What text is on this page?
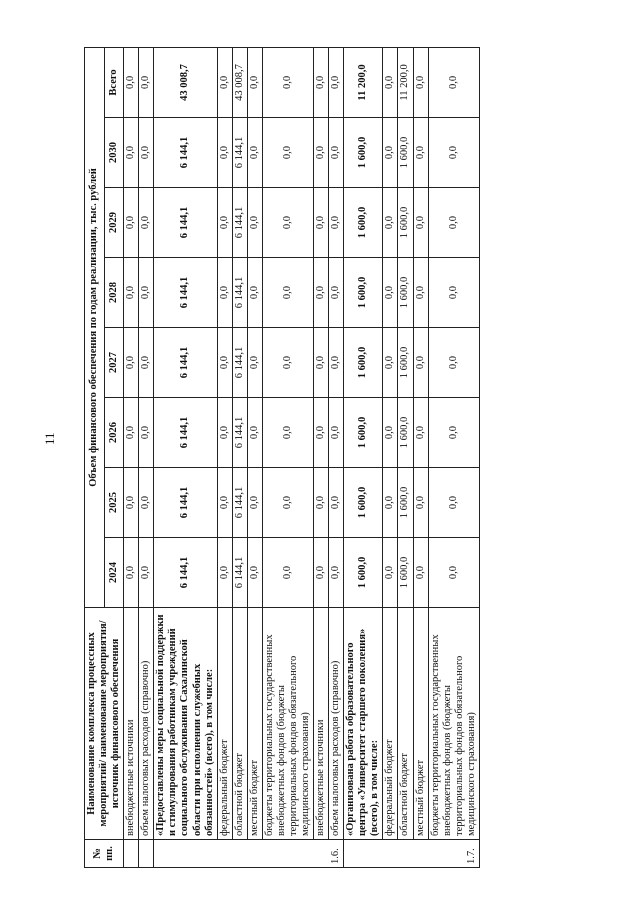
11
№ пп.	Наименование комплекса процессных мероприятий/ наименование мероприятия/ источник финансового обеспечения	Объем финансового обеспечения по годам реализации, тыс. рублей							
		2024	2025	2026	2027	2028	2029	2030	Всего
	внебюджетные источники	0,0	0,0	0,0	0,0	0,0	0,0	0,0	0,0
	объем налоговых расходов (справочно)	0,0	0,0	0,0	0,0	0,0	0,0	0,0	0,0
1.6.	«Предоставлены меры социальной поддержки и стимулирования работникам учреждений социального обслуживания Сахалинской области при исполнении служебных обязанностей» (всего), в том числе:	6 144,1	6 144,1	6 144,1	6 144,1	6 144,1	6 144,1	6 144,1	43 008,7
	федеральный бюджет	0,0	0,0	0,0	0,0	0,0	0,0	0,0	0,0
	областной бюджет	6 144,1	6 144,1	6 144,1	6 144,1	6 144,1	6 144,1	6 144,1	43 008,7
	местный бюджет	0,0	0,0	0,0	0,0	0,0	0,0	0,0	0,0
	бюджеты территориальных государственных внебюджетных фондов (бюджеты территориальных фондов обязательного медицинского страхования)	0,0	0,0	0,0	0,0	0,0	0,0	0,0	0,0
	внебюджетные источники	0,0	0,0	0,0	0,0	0,0	0,0	0,0	0,0
	объем налоговых расходов (справочно)	0,0	0,0	0,0	0,0	0,0	0,0	0,0	0,0
1.7.	«Организована работа образовательного центра «Университет старшего поколения» (всего), в том числе:	1 600,0	1 600,0	1 600,0	1 600,0	1 600,0	1 600,0	1 600,0	11 200,0
	федеральный бюджет	0,0	0,0	0,0	0,0	0,0	0,0	0,0	0,0
	областной бюджет	1 600,0	1 600,0	1 600,0	1 600,0	1 600,0	1 600,0	1 600,0	11 200,0
	местный бюджет	0,0	0,0	0,0	0,0	0,0	0,0	0,0	0,0
	бюджеты территориальных государственных внебюджетных фондов (бюджеты территориальных фондов обязательного медицинского страхования)	0,0	0,0	0,0	0,0	0,0	0,0	0,0	0,0
